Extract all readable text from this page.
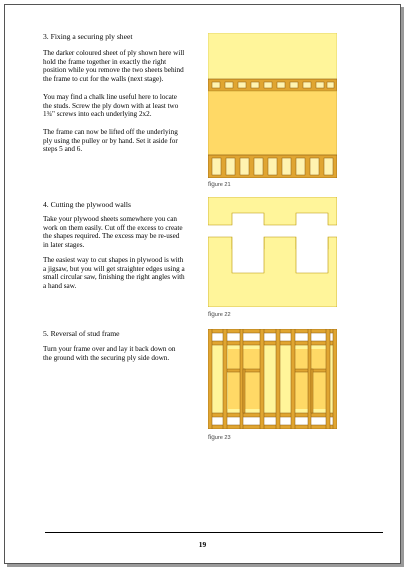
3. Fixing a securing ply sheet
The darker coloured sheet of ply shown here will
hold the frame together in exactly the right
position while you remove the two sheets behind
the frame to cut for the walls (next stage).
You may find a chalk line useful here to locate
the studs. Screw the ply down with at least two
1¾" screws into each underlying 2x2.
The frame can now be lifted off the underlying
ply using the pulley or by hand. Set it aside for
steps 5 and 6.
figure 21
4. Cutting the plywood walls
Take your plywood sheets somewhere you can
work on them easily. Cut off the excess to create
the shapes required. The excess may be re-used
in later stages.
The easiest way to cut shapes in plywood is with
a jigsaw, but you will get straighter edges using a
small circular saw, finishing the right angles with
a hand saw.
figure 22
5. Reversal of stud frame
Turn your frame over and lay it back down on
the ground with the securing ply side down.
figure 23
19
